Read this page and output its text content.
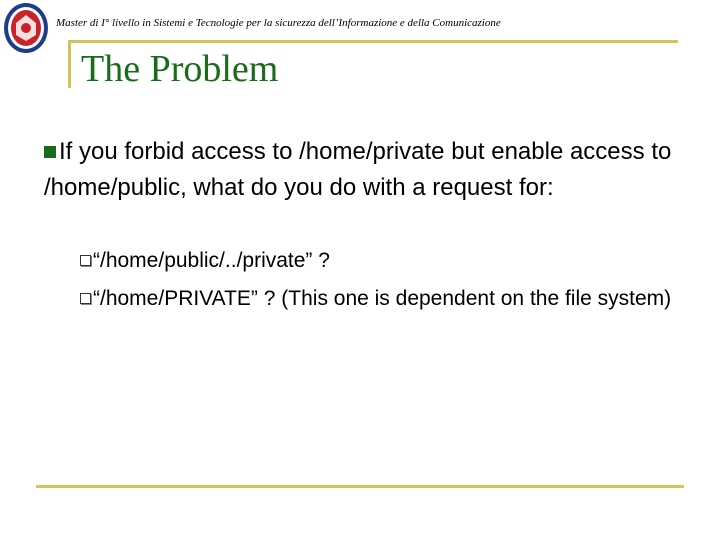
Master di I° livello in Sistemi e Tecnologie per la sicurezza dell’Informazione e della Comunicazione
The Problem
If you forbid access to /home/private but enable access to /home/public, what do you do with a request for:
“/home/public/../private” ?
“/home/PRIVATE” ? (This one is dependent on the file system)
